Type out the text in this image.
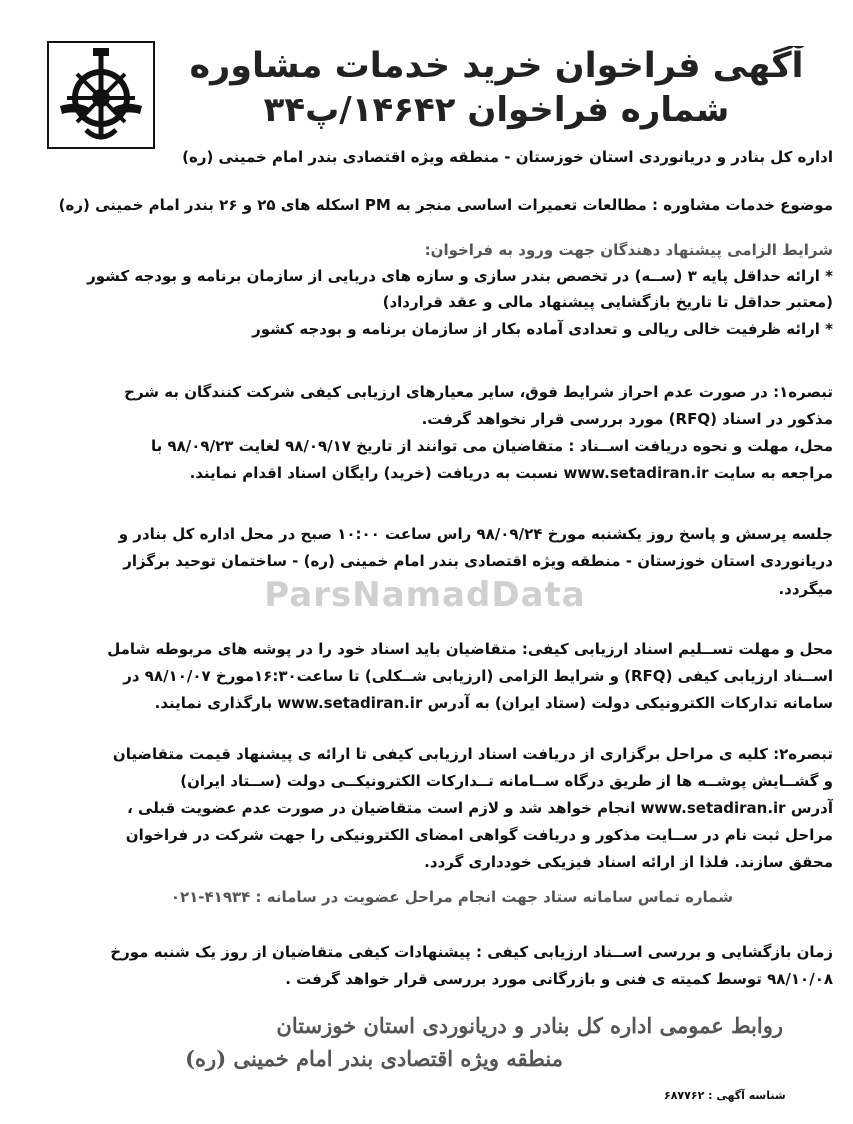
ParsNamadData
آگهی فراخوان خرید خدمات مشاوره
شماره فراخوان ۱۴۶۴۲/پ۳۴
اداره کل بنادر و دریانوردی استان خوزستان - منطقه ویژه اقتصادی بندر امام خمینی (ره)
موضوع خدمات مشاوره : مطالعات تعمیرات اساسی منجر به PM اسکله های ۲۵ و ۲۶ بندر امام خمینی (ره)
شرایط الزامی پیشنهاد دهندگان جهت ورود به فراخوان:
* ارائه حداقل پایه ۳ (ســه) در تخصص بندر سازی و سازه های دریایی از سازمان برنامه و بودجه کشور
(معتبر حداقل تا تاریخ بازگشایی پیشنهاد مالی و عقد قرارداد)
* ارائه ظرفیت خالی ریالی و تعدادی آماده بکار از سازمان برنامه و بودجه کشور
تبصره۱: در صورت عدم احراز شرایط فوق، سایر معیارهای ارزیابی کیفی شرکت کنندگان به شرح
مذکور در اسناد (RFQ) مورد بررسی قرار نخواهد گرفت.
محل، مهلت و نحوه دریافت اســناد : متقاضیان می توانند از تاریخ ۹۸/۰۹/۱۷ لغایت ۹۸/۰۹/۲۳ با
مراجعه به سایت www.setadiran.ir نسبت به دریافت (خرید) رایگان اسناد اقدام نمایند.
جلسه پرسش و پاسخ روز یکشنبه مورخ ۹۸/۰۹/۲۴ راس ساعت ۱۰:۰۰ صبح در محل اداره کل بنادر و
دریانوردی استان خوزستان - منطقه ویژه اقتصادی بندر امام خمینی (ره) - ساختمان توحید برگزار
میگردد.
محل و مهلت تســلیم اسناد ارزیابی کیفی: متقاضیان باید اسناد خود را در پوشه های مربوطه شامل
اســناد ارزیابی کیفی (RFQ) و شرایط الزامی (ارزیابی شــکلی) تا ساعت۱۶:۳۰مورخ ۹۸/۱۰/۰۷ در
سامانه تدارکات الکترونیکی دولت (ستاد ایران) به آدرس www.setadiran.ir بارگذاری نمایند.
تبصره۲: کلیه ی مراحل برگزاری از دریافت اسناد ارزیابی کیفی تا ارائه ی پیشنهاد قیمت متقاضیان
و گشــایش پوشــه ها از طریق درگاه ســامانه تــدارکات الکترونیکــی دولت (ســتاد ایران)
آدرس www.setadiran.ir انجام خواهد شد و لازم است متقاضیان در صورت عدم عضویت قبلی ،
مراحل ثبت نام در ســایت مذکور و دریافت گواهی امضای الکترونیکی را جهت شرکت در فراخوان
محقق سازند. فلذا از ارائه اسناد فیزیکی خودداری گردد.
شماره تماس سامانه ستاد جهت انجام مراحل عضویت در سامانه : ۴۱۹۳۴-۰۲۱
زمان بازگشایی و بررسی اســناد ارزیابی کیفی : پیشنهادات کیفی متقاضیان از روز یک شنبه مورخ
۹۸/۱۰/۰۸ توسط کمیته ی فنی و بازرگانی مورد بررسی قرار خواهد گرفت .
روابط عمومی اداره کل بنادر و دریانوردی استان خوزستان
منطقه ویژه اقتصادی بندر امام خمینی (ره)
شناسه آگهی : ۶۸۷۷۶۲
